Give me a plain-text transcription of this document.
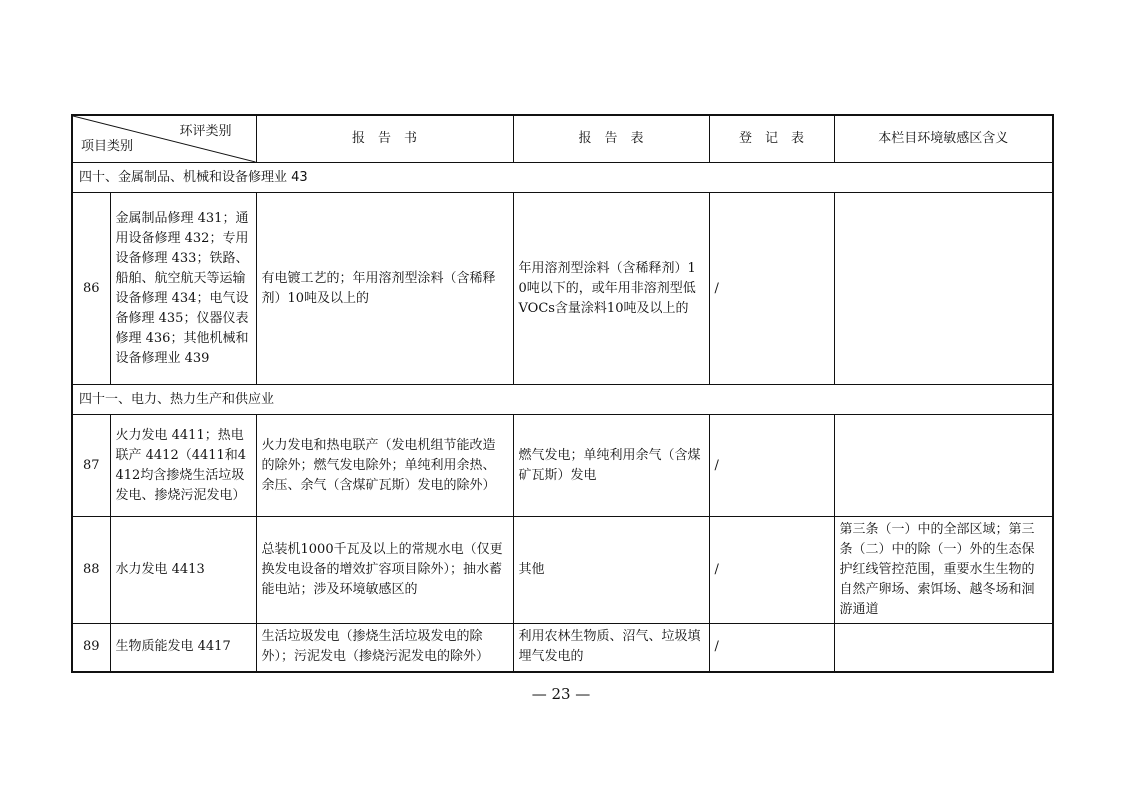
环评类别
项目类别		报　告　书	报　告　表	登　记　表	本栏目环境敏感区含义
四十、金属制品、机械和设备修理业 43					
86	金属制品修理 431；通用设备修理 432；专用设备修理 433；铁路、船舶、航空航天等运输设备修理 434；电气设备修理 435；仪器仪表修理 436；其他机械和设备修理业 439	有电镀工艺的；年用溶剂型涂料（含稀释剂）10吨及以上的	年用溶剂型涂料（含稀释剂）10吨以下的，或年用非溶剂型低VOCs含量涂料10吨及以上的	/	
四十一、电力、热力生产和供应业					
87	火力发电 4411；热电联产 4412（4411和4412均含掺烧生活垃圾发电、掺烧污泥发电）	火力发电和热电联产（发电机组节能改造的除外；燃气发电除外；单纯利用余热、余压、余气（含煤矿瓦斯）发电的除外）	燃气发电；单纯利用余气（含煤矿瓦斯）发电	/	
88	水力发电 4413	总装机1000千瓦及以上的常规水电（仅更换发电设备的增效扩容项目除外）；抽水蓄能电站；涉及环境敏感区的	其他	/	第三条（一）中的全部区域；第三条（二）中的除（一）外的生态保护红线管控范围，重要水生生物的自然产卵场、索饵场、越冬场和洄游通道
89	生物质能发电 4417	生活垃圾发电（掺烧生活垃圾发电的除外）；污泥发电（掺烧污泥发电的除外）	利用农林生物质、沼气、垃圾填埋气发电的	/	
— 23 —
